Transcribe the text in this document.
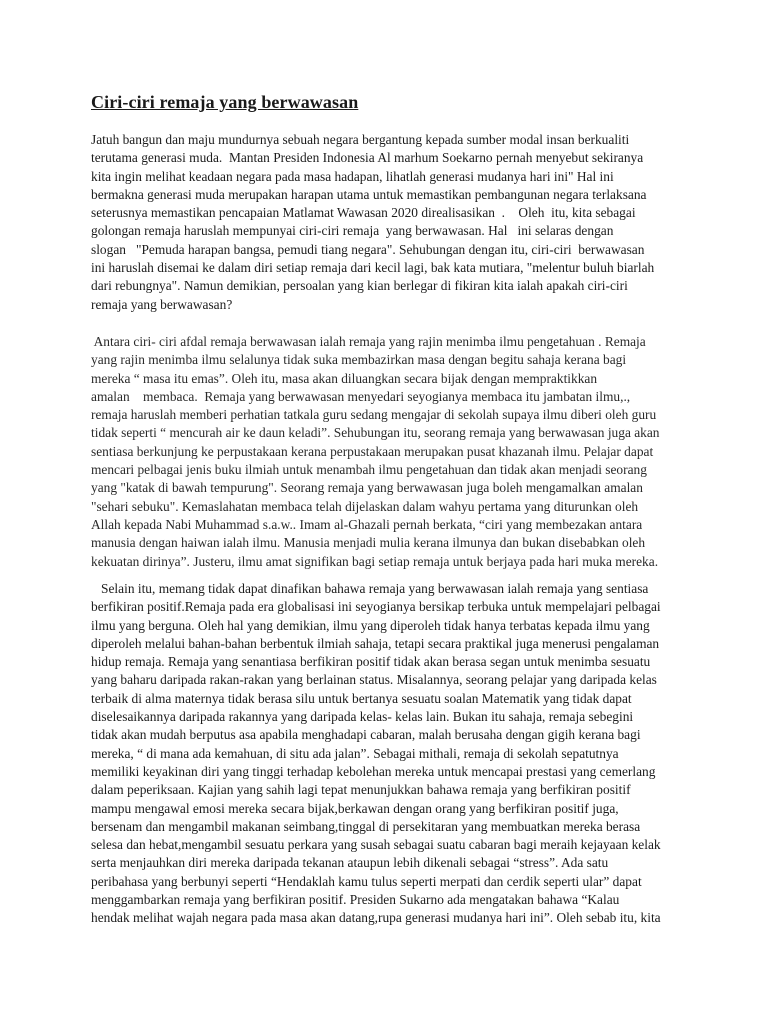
Ciri-ciri remaja yang berwawasan
Jatuh bangun dan maju mundurnya sebuah negara bergantung kepada sumber modal insan berkualiti
terutama generasi muda.  Mantan Presiden Indonesia Al marhum Soekarno pernah menyebut sekiranya
kita ingin melihat keadaan negara pada masa hadapan, lihatlah generasi mudanya hari ini" Hal ini
bermakna generasi muda merupakan harapan utama untuk memastikan pembangunan negara terlaksana
seterusnya memastikan pencapaian Matlamat Wawasan 2020 direalisasikan  .    Oleh  itu, kita sebagai
golongan remaja haruslah mempunyai ciri-ciri remaja  yang berwawasan. Hal   ini selaras dengan
slogan   "Pemuda harapan bangsa, pemudi tiang negara". Sehubungan dengan itu, ciri-ciri  berwawasan
ini haruslah disemai ke dalam diri setiap remaja dari kecil lagi, bak kata mutiara, "melentur buluh biarlah
dari rebungnya". Namun demikian, persoalan yang kian berlegar di fikiran kita ialah apakah ciri-ciri
remaja yang berwawasan?
Antara ciri- ciri afdal remaja berwawasan ialah remaja yang rajin menimba ilmu pengetahuan . Remaja
yang rajin menimba ilmu selalunya tidak suka membazirkan masa dengan begitu sahaja kerana bagi
mereka “ masa itu emas”. Oleh itu, masa akan diluangkan secara bijak dengan mempraktikkan
amalan    membaca.  Remaja yang berwawasan menyedari seyogianya membaca itu jambatan ilmu,.,
remaja haruslah memberi perhatian tatkala guru sedang mengajar di sekolah supaya ilmu diberi oleh guru
tidak seperti “ mencurah air ke daun keladi”. Sehubungan itu, seorang remaja yang berwawasan juga akan
sentiasa berkunjung ke perpustakaan kerana perpustakaan merupakan pusat khazanah ilmu. Pelajar dapat
mencari pelbagai jenis buku ilmiah untuk menambah ilmu pengetahuan dan tidak akan menjadi seorang
yang "katak di bawah tempurung". Seorang remaja yang berwawasan juga boleh mengamalkan amalan
"sehari sebuku". Kemaslahatan membaca telah dijelaskan dalam wahyu pertama yang diturunkan oleh
Allah kepada Nabi Muhammad s.a.w.. Imam al-Ghazali pernah berkata, “ciri yang membezakan antara
manusia dengan haiwan ialah ilmu. Manusia menjadi mulia kerana ilmunya dan bukan disebabkan oleh
kekuatan dirinya”. Justeru, ilmu amat signifikan bagi setiap remaja untuk berjaya pada hari muka mereka.
Selain itu, memang tidak dapat dinafikan bahawa remaja yang berwawasan ialah remaja yang sentiasa
berfikiran positif.Remaja pada era globalisasi ini seyogianya bersikap terbuka untuk mempelajari pelbagai
ilmu yang berguna. Oleh hal yang demikian, ilmu yang diperoleh tidak hanya terbatas kepada ilmu yang
diperoleh melalui bahan-bahan berbentuk ilmiah sahaja, tetapi secara praktikal juga menerusi pengalaman
hidup remaja. Remaja yang senantiasa berfikiran positif tidak akan berasa segan untuk menimba sesuatu
yang baharu daripada rakan-rakan yang berlainan status. Misalannya, seorang pelajar yang daripada kelas
terbaik di alma maternya tidak berasa silu untuk bertanya sesuatu soalan Matematik yang tidak dapat
diselesaikannya daripada rakannya yang daripada kelas- kelas lain. Bukan itu sahaja, remaja sebegini
tidak akan mudah berputus asa apabila menghadapi cabaran, malah berusaha dengan gigih kerana bagi
mereka, “ di mana ada kemahuan, di situ ada jalan”. Sebagai mithali, remaja di sekolah sepatutnya
memiliki keyakinan diri yang tinggi terhadap kebolehan mereka untuk mencapai prestasi yang cemerlang
dalam peperiksaan. Kajian yang sahih lagi tepat menunjukkan bahawa remaja yang berfikiran positif
mampu mengawal emosi mereka secara bijak,berkawan dengan orang yang berfikiran positif juga,
bersenam dan mengambil makanan seimbang,tinggal di persekitaran yang membuatkan mereka berasa
selesa dan hebat,mengambil sesuatu perkara yang susah sebagai suatu cabaran bagi meraih kejayaan kelak
serta menjauhkan diri mereka daripada tekanan ataupun lebih dikenali sebagai “stress”. Ada satu
peribahasa yang berbunyi seperti “Hendaklah kamu tulus seperti merpati dan cerdik seperti ular” dapat
menggambarkan remaja yang berfikiran positif. Presiden Sukarno ada mengatakan bahawa “Kalau
hendak melihat wajah negara pada masa akan datang,rupa generasi mudanya hari ini”. Oleh sebab itu, kita
